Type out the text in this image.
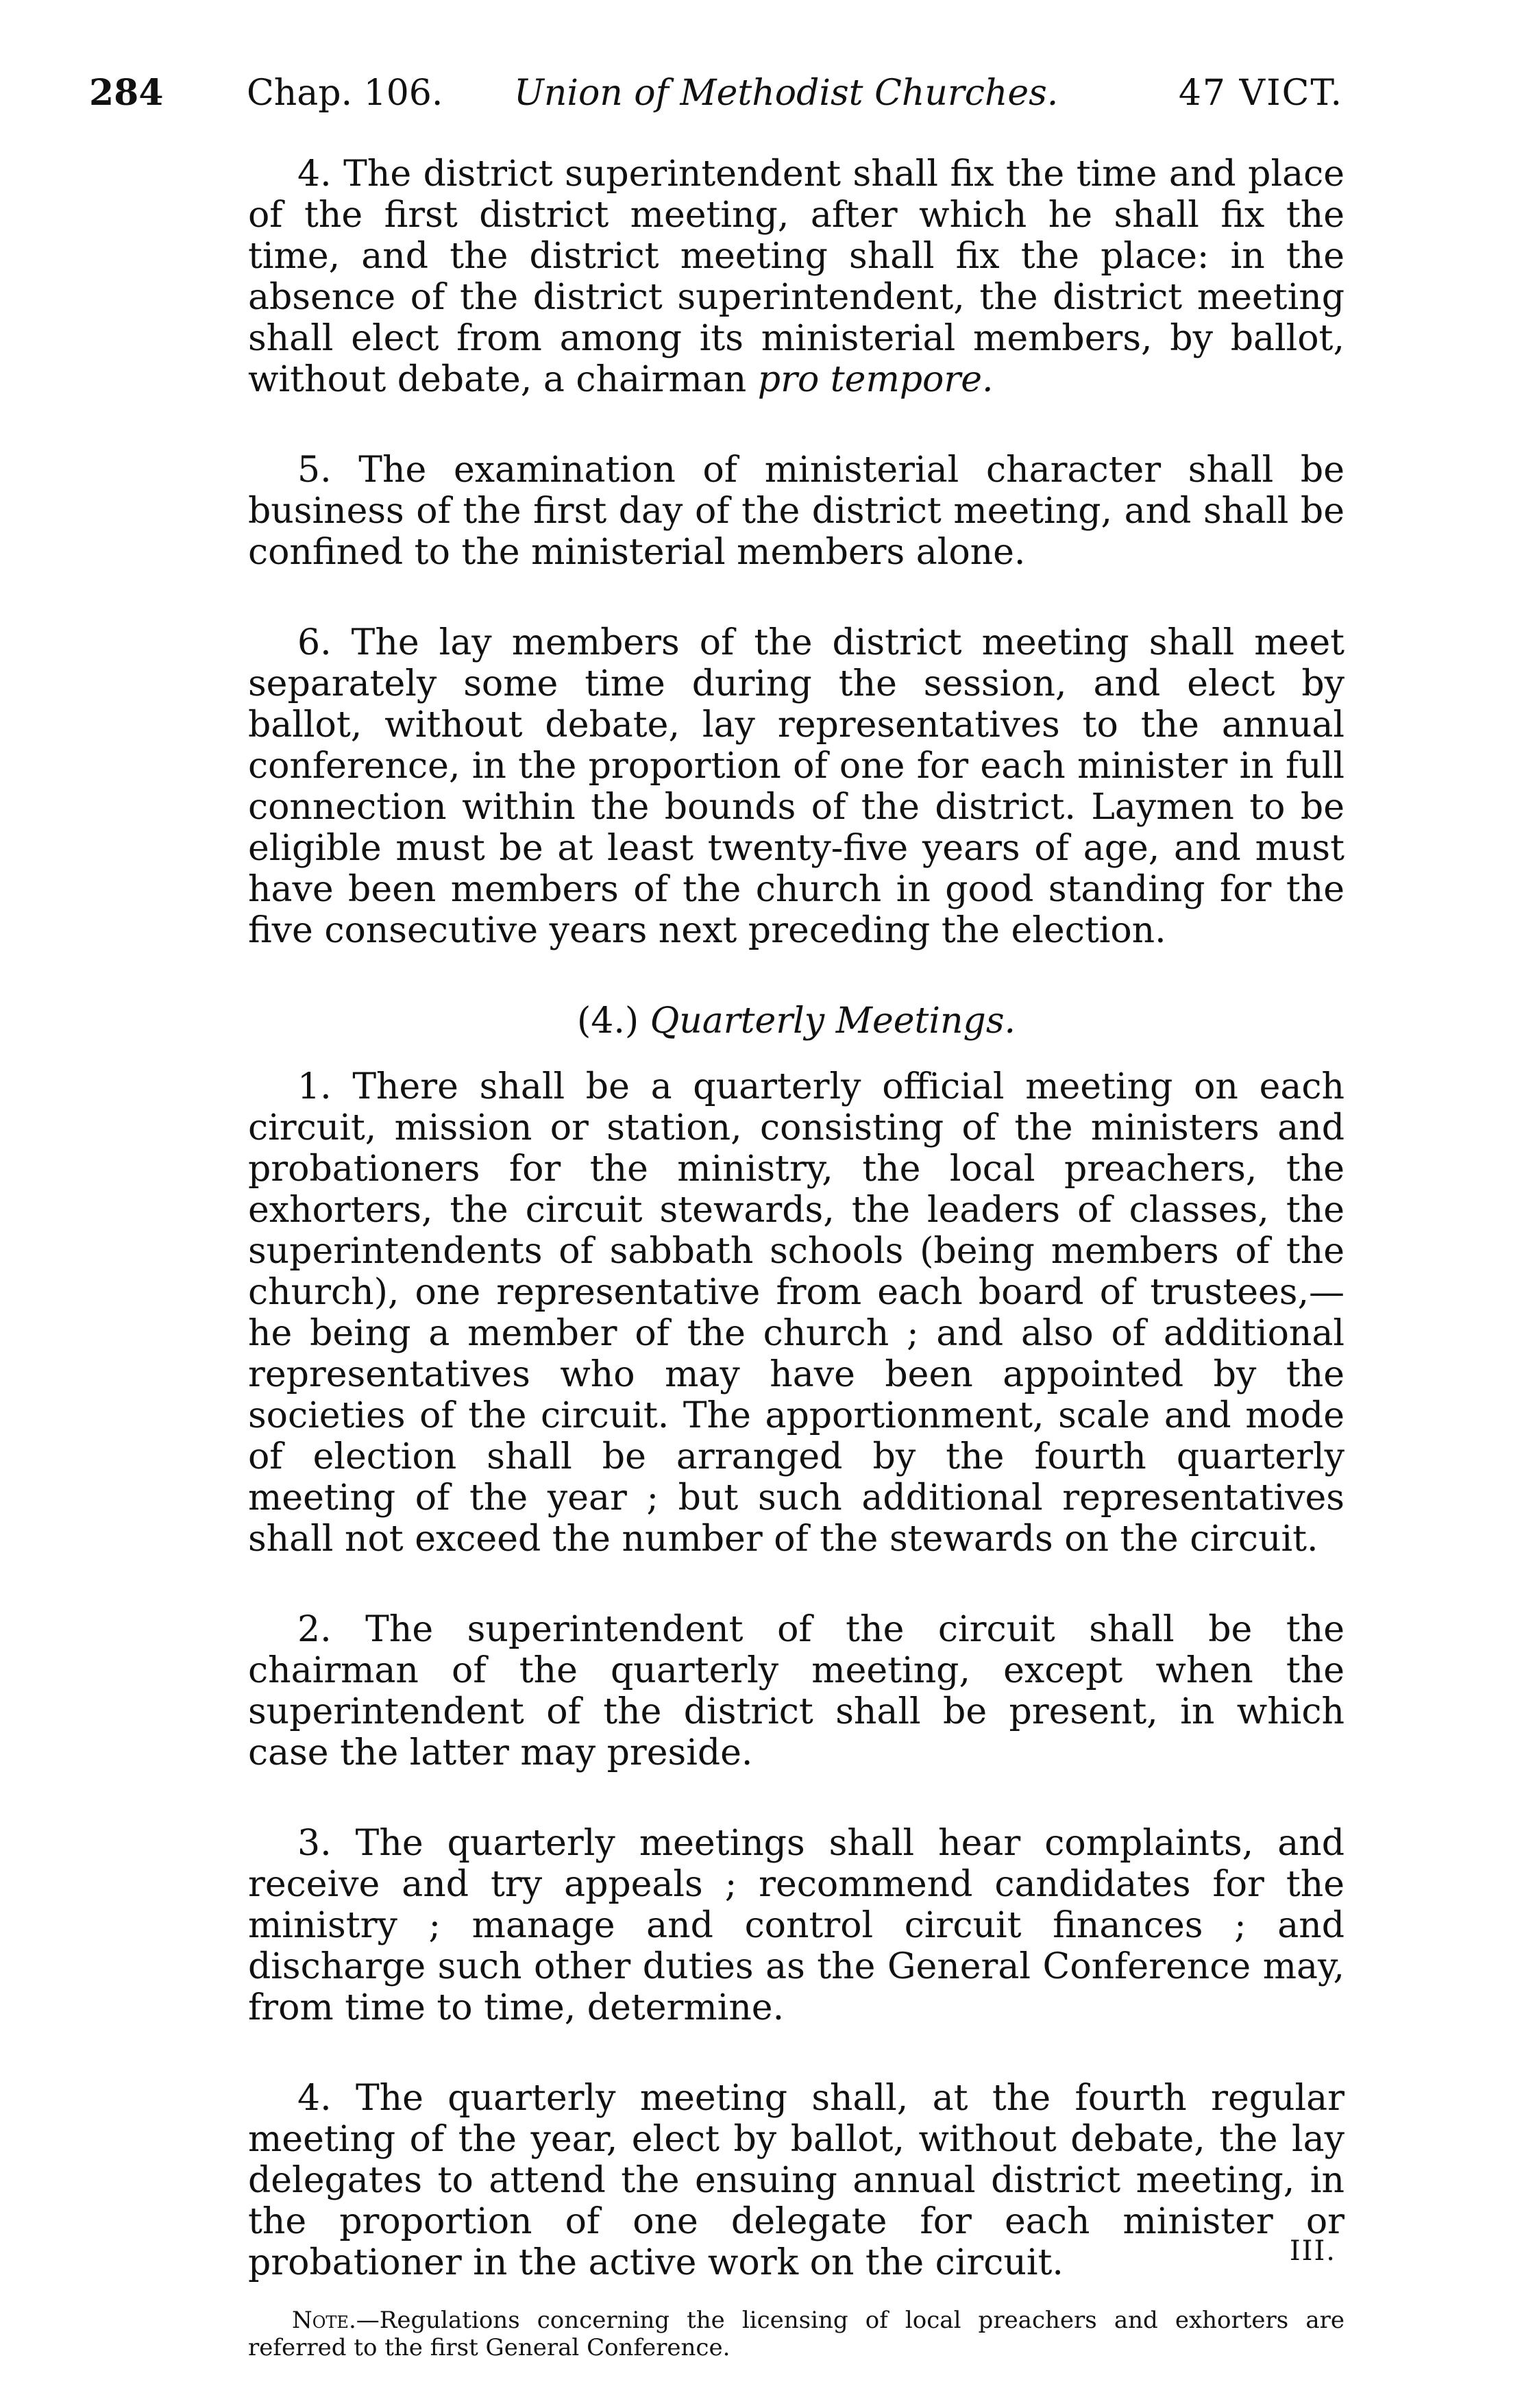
284 Chap. 106. Union of Methodist Churches.	47 VICT.

4. The district superintendent shall fix the time and place of the first district meeting, after which he shall fix the time, and the district meeting shall fix the place: in the absence of the district superintendent, the district meeting shall elect from among its ministerial members, by ballot, without debate, a chairman pro tempore.

5. The examination of ministerial character shall be business of the first day of the district meeting, and shall be confined to the ministerial members alone.

6. The lay members of the district meeting shall meet separately some time during the session, and elect by ballot, without debate, lay representatives to the annual conference, in the proportion of one for each minister in full connection within the bounds of the district. Laymen to be eligible must be at least twenty-five years of age, and must have been members of the church in good standing for the five consecutive years next preceding the election.

(4.) Quarterly Meetings.

1. There shall be a quarterly official meeting on each circuit, mission or station, consisting of the ministers and probationers for the ministry, the local preachers, the exhorters, the circuit stewards, the leaders of classes, the superintendents of sabbath schools (being members of the church), one representative from each board of trustees,—he being a member of the church ; and also of additional representatives who may have been appointed by the societies of the circuit. The apportionment, scale and mode of election shall be arranged by the fourth quarterly meeting of the year ; but such additional representatives shall not exceed the number of the stewards on the circuit.

2. The superintendent of the circuit shall be the chairman of the quarterly meeting, except when the superintendent of the district shall be present, in which case the latter may preside.

3. The quarterly meetings shall hear complaints, and receive and try appeals ; recommend candidates for the ministry ; manage and control circuit finances ; and discharge such other duties as the General Conference may, from time to time, determine.

4. The quarterly meeting shall, at the fourth regular meeting of the year, elect by ballot, without debate, the lay delegates to attend the ensuing annual district meeting, in the proportion of one delegate for each minister or probationer in the active work on the circuit.

Note.—Regulations concerning the licensing of local preachers and exhorters are referred to the first General Conference.

III.
